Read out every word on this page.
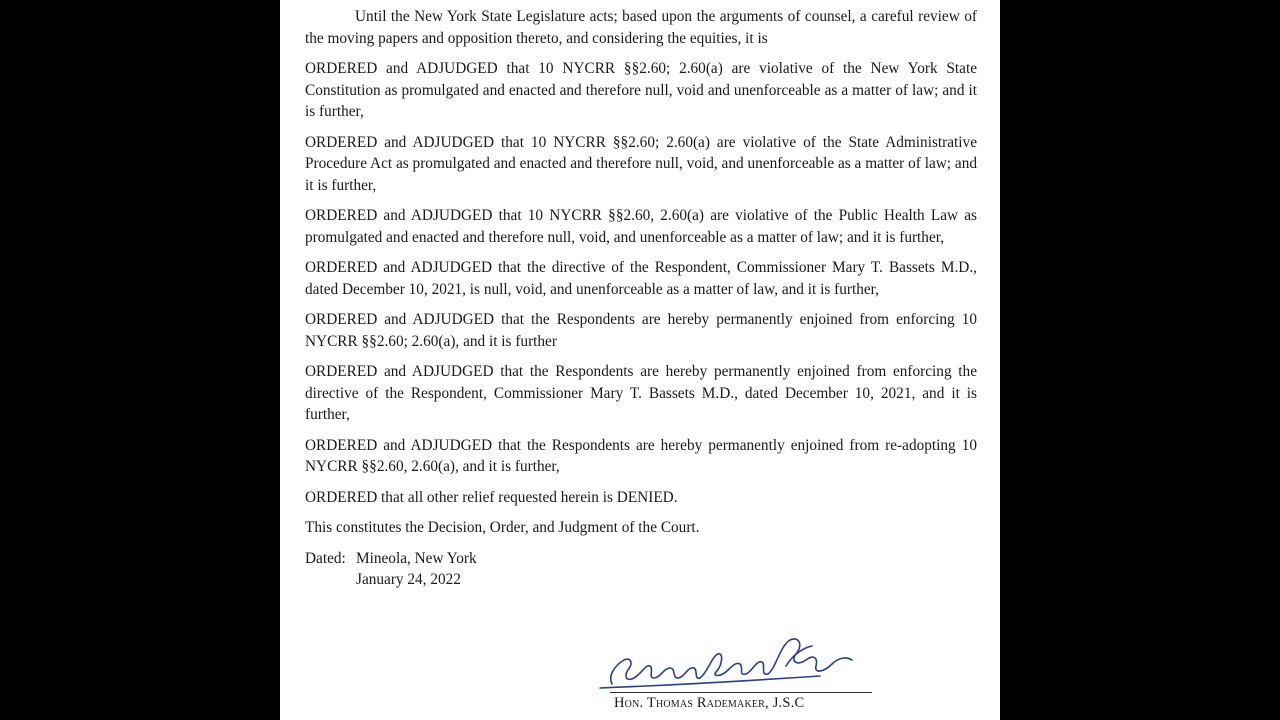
Until the New York State Legislature acts; based upon the arguments of counsel, a careful review of the moving papers and opposition thereto, and considering the equities, it is

ORDERED and ADJUDGED that 10 NYCRR §§2.60; 2.60(a) are violative of the New York State Constitution as promulgated and enacted and therefore null, void and unenforceable as a matter of law; and it is further,

ORDERED and ADJUDGED that 10 NYCRR §§2.60; 2.60(a) are violative of the State Administrative Procedure Act as promulgated and enacted and therefore null, void, and unenforceable as a matter of law; and it is further,

ORDERED and ADJUDGED that 10 NYCRR §§2.60, 2.60(a) are violative of the Public Health Law as promulgated and enacted and therefore null, void, and unenforceable as a matter of law; and it is further,

ORDERED and ADJUDGED that the directive of the Respondent, Commissioner Mary T. Bassets M.D., dated December 10, 2021, is null, void, and unenforceable as a matter of law, and it is further,

ORDERED and ADJUDGED that the Respondents are hereby permanently enjoined from enforcing 10 NYCRR §§2.60; 2.60(a), and it is further

ORDERED and ADJUDGED that the Respondents are hereby permanently enjoined from enforcing the directive of the Respondent, Commissioner Mary T. Bassets M.D., dated December 10, 2021, and it is further,

ORDERED and ADJUDGED that the Respondents are hereby permanently enjoined from re-adopting 10 NYCRR §§2.60, 2.60(a), and it is further,

ORDERED that all other relief requested herein is DENIED.

This constitutes the Decision, Order, and Judgment of the Court.

Dated: Mineola, New York
January 24, 2022
Hon. Thomas Rademaker, J.S.C
